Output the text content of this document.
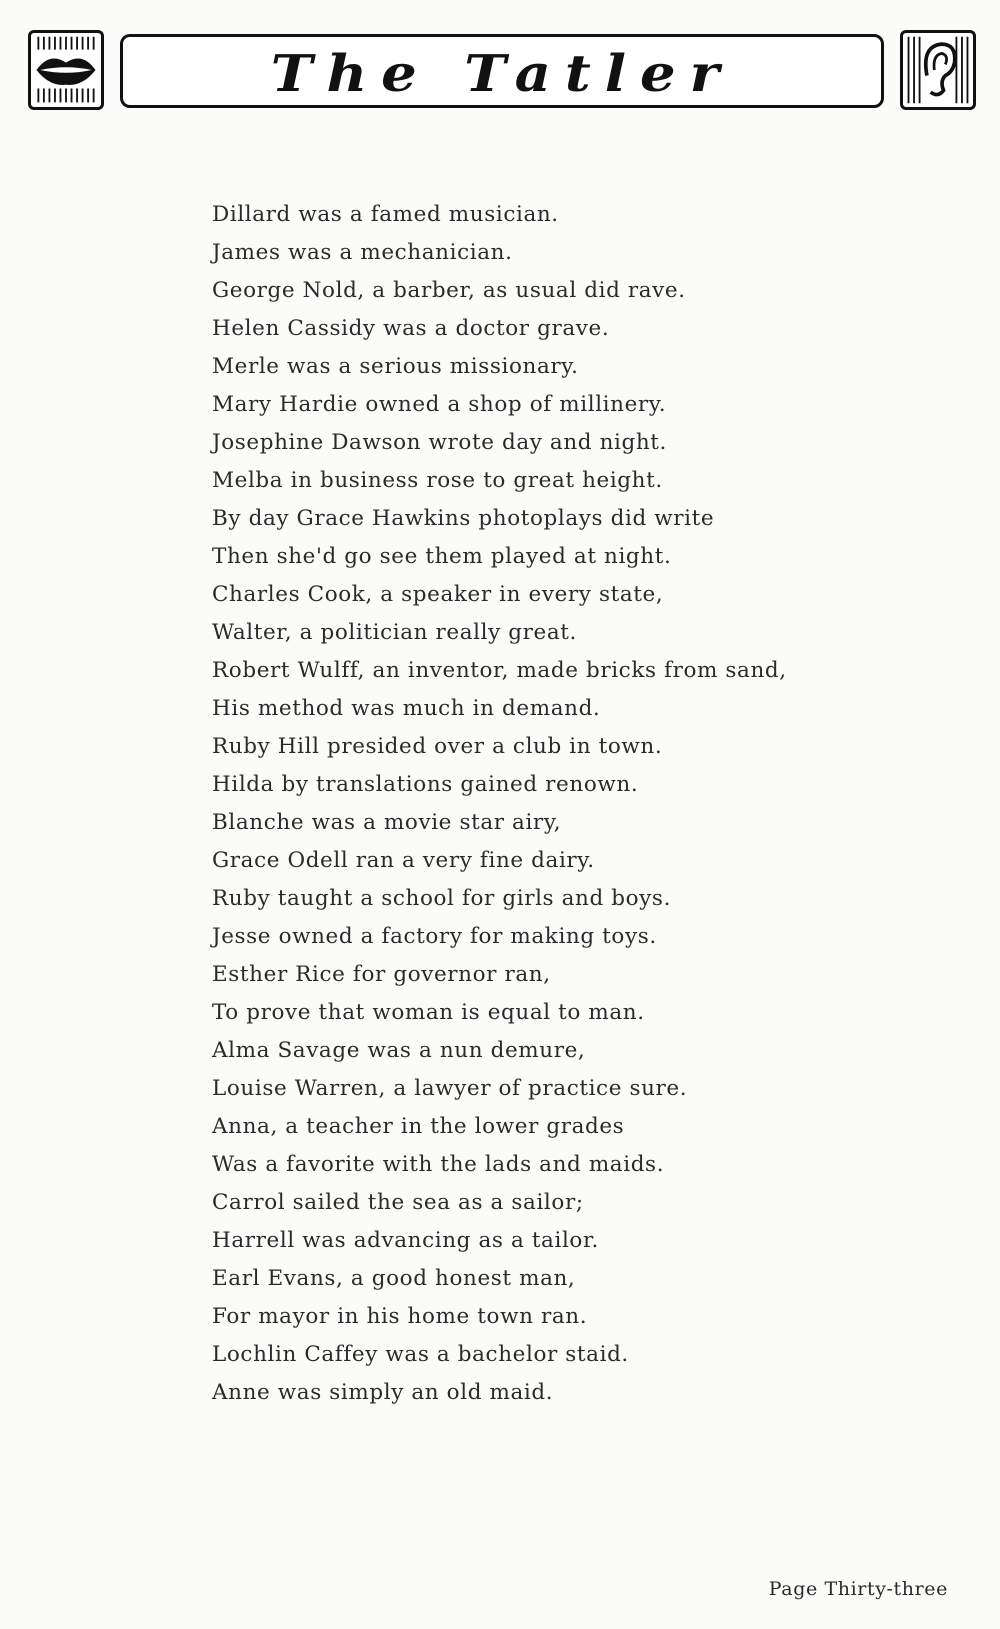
The Tatler
Dillard was a famed musician.
James was a mechanician.
George Nold, a barber, as usual did rave.
Helen Cassidy was a doctor grave.
Merle was a serious missionary.
Mary Hardie owned a shop of millinery.
Josephine Dawson wrote day and night.
Melba in business rose to great height.
By day Grace Hawkins photoplays did write
Then she'd go see them played at night.
Charles Cook, a speaker in every state,
Walter, a politician really great.
Robert Wulff, an inventor, made bricks from sand,
His method was much in demand.
Ruby Hill presided over a club in town.
Hilda by translations gained renown.
Blanche was a movie star airy,
Grace Odell ran a very fine dairy.
Ruby taught a school for girls and boys.
Jesse owned a factory for making toys.
Esther Rice for governor ran,
To prove that woman is equal to man.
Alma Savage was a nun demure,
Louise Warren, a lawyer of practice sure.
Anna, a teacher in the lower grades
Was a favorite with the lads and maids.
Carrol sailed the sea as a sailor;
Harrell was advancing as a tailor.
Earl Evans, a good honest man,
For mayor in his home town ran.
Lochlin Caffey was a bachelor staid.
Anne was simply an old maid.
Page Thirty-three
